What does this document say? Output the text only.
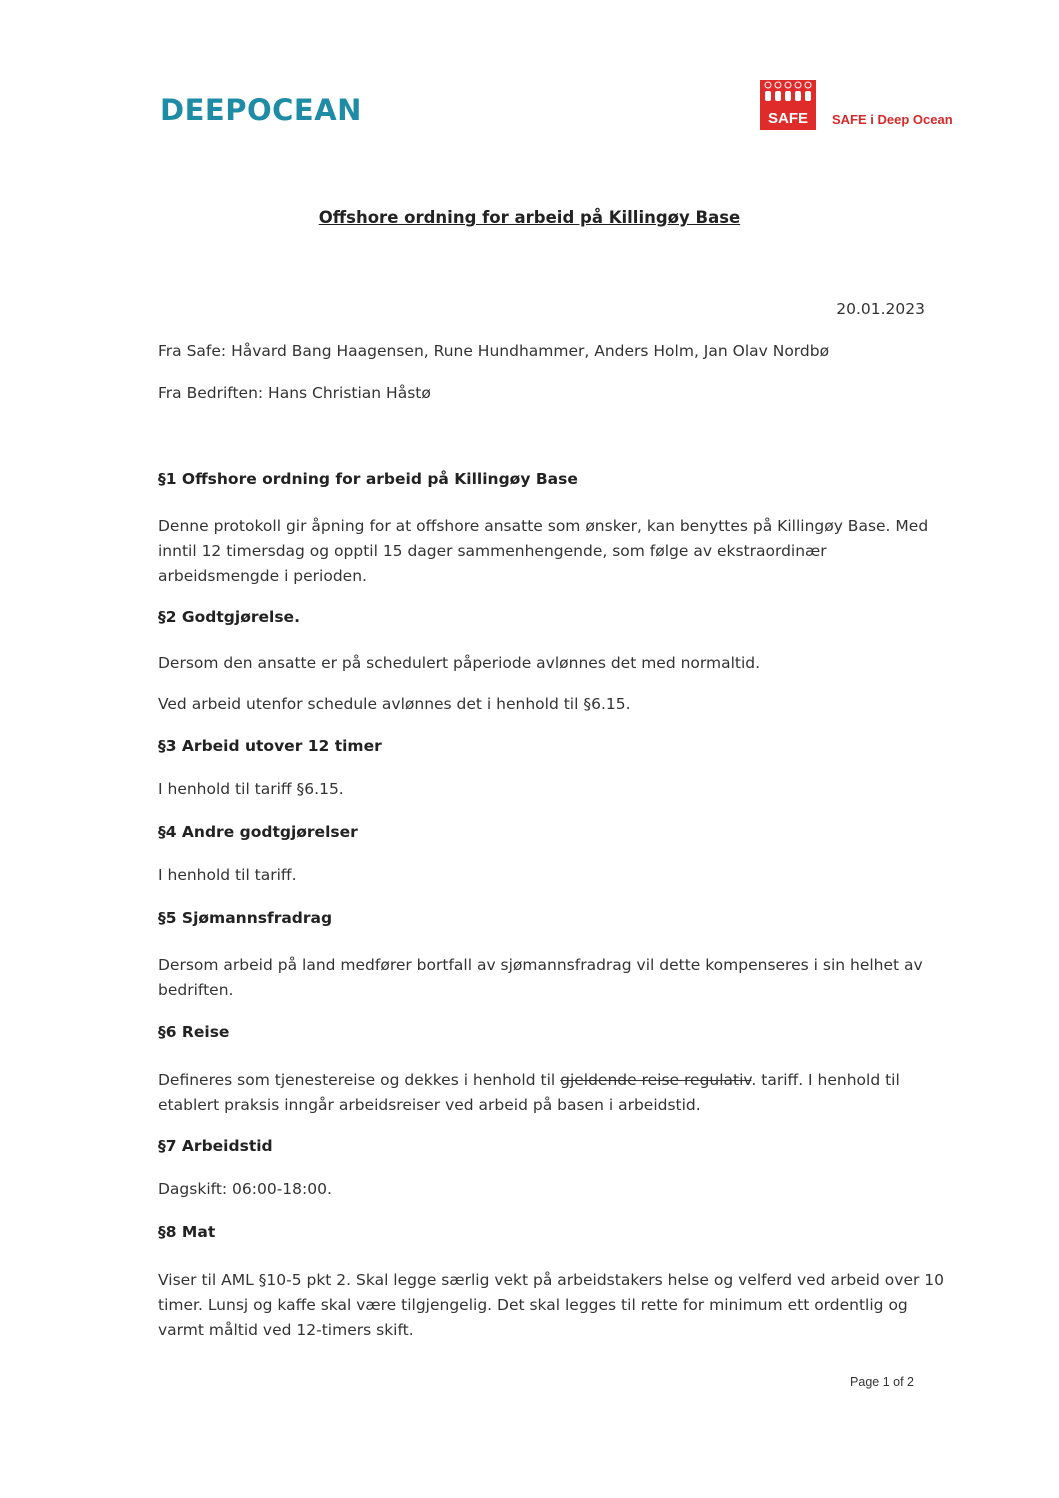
DEEPOCEAN	SAFE	SAFE i Deep Ocean
Offshore ordning for arbeid på Killingøy Base
20.01.2023
Fra Safe: Håvard Bang Haagensen, Rune Hundhammer, Anders Holm, Jan Olav Nordbø
Fra Bedriften: Hans Christian Håstø
§1 Offshore ordning for arbeid på Killingøy Base
Denne protokoll gir åpning for at offshore ansatte som ønsker, kan benyttes på Killingøy Base. Med
inntil 12 timersdag og opptil 15 dager sammenhengende, som følge av ekstraordinær
arbeidsmengde i perioden.
§2 Godtgjørelse.
Dersom den ansatte er på schedulert påperiode avlønnes det med normaltid.
Ved arbeid utenfor schedule avlønnes det i henhold til §6.15.
§3 Arbeid utover 12 timer
I henhold til tariff §6.15.
§4 Andre godtgjørelser
I henhold til tariff.
§5 Sjømannsfradrag
Dersom arbeid på land medfører bortfall av sjømannsfradrag vil dette kompenseres i sin helhet av
bedriften.
§6 Reise
Defineres som tjenestereise og dekkes i henhold til gjeldende reise regulativ. tariff. I henhold til
etablert praksis inngår arbeidsreiser ved arbeid på basen i arbeidstid.
§7 Arbeidstid
Dagskift: 06:00-18:00.
§8 Mat
Viser til AML §10-5 pkt 2. Skal legge særlig vekt på arbeidstakers helse og velferd ved arbeid over 10
timer. Lunsj og kaffe skal være tilgjengelig. Det skal legges til rette for minimum ett ordentlig og
varmt måltid ved 12-timers skift.
Page 1 of 2
